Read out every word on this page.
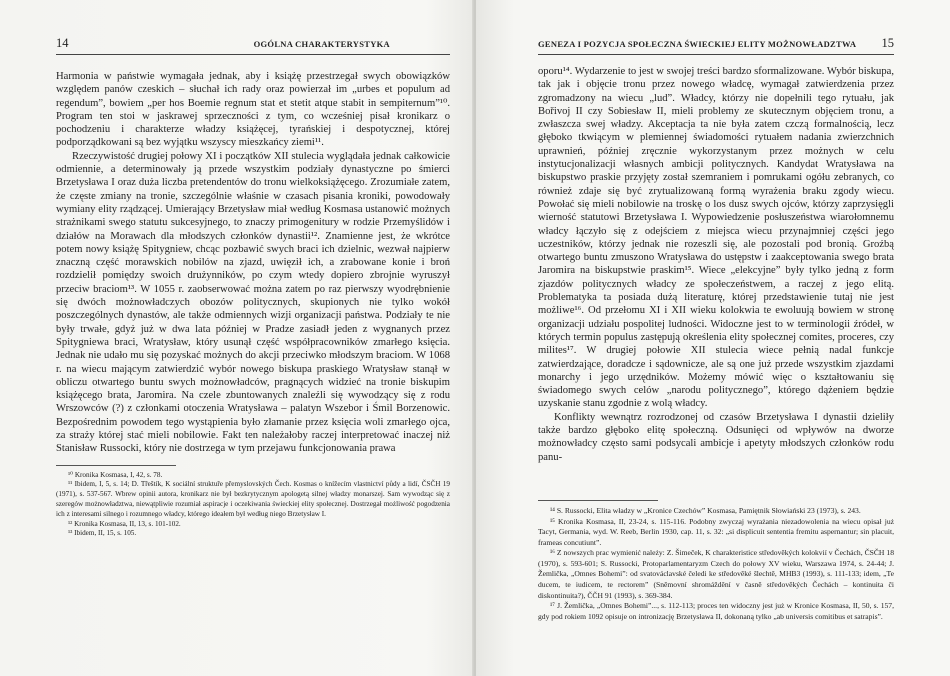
14	OGÓLNA CHARAKTERYSTYKA

Harmonia w państwie wymagała jednak, aby i książę przestrzegał swych obowiązków względem panów czeskich – słuchał ich rady oraz powierzał im „urbes et populum ad regendum”, bowiem „per hos Boemie regnum stat et stetit atque stabit in sempiternum”¹⁰. Program ten stoi w jaskrawej sprzeczności z tym, co wcześniej pisał kronikarz o pochodzeniu i charakterze władzy książęcej, tyrańskiej i despotycznej, której podporządkowani są bez wyjątku wszyscy mieszkańcy ziemi¹¹.

Rzeczywistość drugiej połowy XI i początków XII stulecia wyglądała jednak całkowicie odmiennie, a determinowały ją przede wszystkim podziały dynastyczne po śmierci Brzetysława I oraz duża liczba pretendentów do tronu wielkoksiążęcego. Zrozumiałe zatem, że częste zmiany na tronie, szczególnie właśnie w czasach pisania kroniki, powodowały wymiany elity rządzącej. Umierający Brzetysław miał według Kosmasa ustanowić możnych strażnikami swego statutu sukcesyjnego, to znaczy primogenitury w rodzie Przemyślidów i działów na Morawach dla młodszych członków dynastii¹². Znamienne jest, że wkrótce potem nowy książę Spitygniew, chcąc pozbawić swych braci ich dzielnic, wezwał najpierw znaczną część morawskich nobilów na zjazd, uwięził ich, a zrabowane konie i broń rozdzielił pomiędzy swoich drużynników, po czym wtedy dopiero zbrojnie wyruszył przeciw braciom¹³. W 1055 r. zaobserwować można zatem po raz pierwszy wyodrębnienie się dwóch możnowładczych obozów politycznych, skupionych nie tylko wokół poszczególnych dynastów, ale także odmiennych wizji organizacji państwa. Podziały te nie były trwałe, gdyż już w dwa lata później w Pradze zasiadł jeden z wygnanych przez Spitygniewa braci, Wratysław, który usunął część współpracowników zmarłego księcia. Jednak nie udało mu się pozyskać możnych do akcji przeciwko młodszym braciom. W 1068 r. na wiecu mającym zatwierdzić wybór nowego biskupa praskiego Wratysław stanął w obliczu otwartego buntu swych możnowładców, pragnących widzieć na tronie biskupim książęcego brata, Jaromira. Na czele zbuntowanych znaleźli się wywodzący się z rodu Wrszowców (?) z członkami otoczenia Wratysława – palatyn Wszebor i Śmil Borzenowic. Bezpośrednim powodem tego wystąpienia było złamanie przez księcia woli zmarłego ojca, za straży której stać mieli nobilowie. Fakt ten należałoby raczej interpretować inaczej niż Stanisław Russocki, który nie dostrzega w tym przejawu funkcjonowania prawa

¹⁰ Kronika Kosmasa, I, 42, s. 78.

¹¹ Ibidem, I, 5, s. 14; D. Třeštík, K sociální struktuře přemyslovských Čech. Kosmas o knížecím vlastnictví půdy a lidí, ČSČH 19 (1971), s. 537-567. Wbrew opinii autora, kronikarz nie był bezkrytycznym apologetą silnej władzy monarszej. Sam wywodząc się z szeregów możnowładztwa, niewątpliwie rozumiał aspiracje i oczekiwania świeckiej elity społecznej. Dostrzegał możliwość pogodzenia ich z interesami silnego i rozumnego władcy, którego ideałem był według niego Brzetysław I.

¹² Kronika Kosmasa, II, 13, s. 101-102.

¹³ Ibidem, II, 15, s. 105.

GENEZA I POZYCJA SPOŁECZNA ŚWIECKIEJ ELITY MOŻNOWŁADZTWA 15

oporu¹⁴. Wydarzenie to jest w swojej treści bardzo sformalizowane. Wybór biskupa, tak jak i objęcie tronu przez nowego władcę, wymagał zatwierdzenia przez zgromadzony na wiecu „lud”. Władcy, którzy nie dopełnili tego rytuału, jak Bořivoj II czy Sobiesław II, mieli problemy ze skutecznym objęciem tronu, a zwłaszcza swej władzy. Akceptacja ta nie była zatem czczą formalnością, lecz głęboko tkwiącym w plemiennej świadomości rytuałem nadania zwierzchnich uprawnień, później zręcznie wykorzystanym przez możnych w celu instytucjonalizacji własnych ambicji politycznych. Kandydat Wratysława na biskupstwo praskie przyjęty został szemraniem i pomrukami ogółu zebranych, co również zdaje się być zrytualizowaną formą wyrażenia braku zgody wiecu. Powołać się mieli nobilowie na troskę o los dusz swych ojców, którzy zaprzysięgli wierność statutowi Brzetysława I. Wypowiedzenie posłuszeństwa wiarołomnemu władcy łączyło się z odejściem z miejsca wiecu przynajmniej części jego uczestników, którzy jednak nie rozeszli się, ale pozostali pod bronią. Groźbą otwartego buntu zmuszono Wratysława do ustępstw i zaakceptowania swego brata Jaromira na biskupstwie praskim¹⁵. Wiece „elekcyjne” były tylko jedną z form zjazdów politycznych władcy ze społeczeństwem, a raczej z jego elitą. Problematyka ta posiada dużą literaturę, której przedstawienie tutaj nie jest możliwe¹⁶. Od przełomu XI i XII wieku kolokwia te ewoluują bowiem w stronę organizacji udziału pospolitej ludności. Widoczne jest to w terminologii źródeł, w których termin populus zastępują określenia elity społecznej comites, proceres, czy milites¹⁷. W drugiej połowie XII stulecia wiece pełnią nadal funkcje zatwierdzające, doradcze i sądownicze, ale są one już przede wszystkim zjazdami monarchy i jego urzędników. Możemy mówić więc o kształtowaniu się świadomego swych celów „narodu politycznego”, którego dążeniem będzie uzyskanie stanu zgodnie z wolą władcy.

Konflikty wewnątrz rozrodzonej od czasów Brzetysława I dynastii dzieliły także bardzo głęboko elitę społeczną. Odsunięci od wpływów na dworze możnowładcy często sami podsycali ambicje i apetyty młodszych członków rodu panu-

¹⁴ S. Russocki, Elita władzy w „Kronice Czechów” Kosmasa, Pamiętnik Słowiański 23 (1973), s. 243.

¹⁵ Kronika Kosmasa, II, 23-24, s. 115-116. Podobny zwyczaj wyrażania niezadowolenia na wiecu opisał już Tacyt, Germania, wyd. W. Reeb, Berlin 1930, cap. 11, s. 32: „si displicuit sententia fremitu aspernantur; sin placuit, frameas concutiunt”.

¹⁶ Z nowszych prac wymienić należy: Z. Šimeček, K charakteristice středověkých kolokvií v Čechách, ČSČH 18 (1970), s. 593-601; S. Russocki, Protoparlamentaryzm Czech do połowy XV wieku, Warszawa 1974, s. 24-44; J. Žemlička, „Omnes Bohemi”: od svatováclavské čeledi ke středověké šlechtě, MHB3 (1993), s. 111-133; idem, „Te ducem, te iudicem, te rectorem” (Sněmovní shromáždění v časně středověkých Čechách – kontinuita či diskontinuita?), ČČH 91 (1993), s. 369-384.

¹⁷ J. Žemlička, „Omnes Bohemi”..., s. 112-113; proces ten widoczny jest już w Kronice Kosmasa, II, 50, s. 157, gdy pod rokiem 1092 opisuje on intronizację Brzetysława II, dokonaną tylko „ab universis comitibus et satrapis”.
